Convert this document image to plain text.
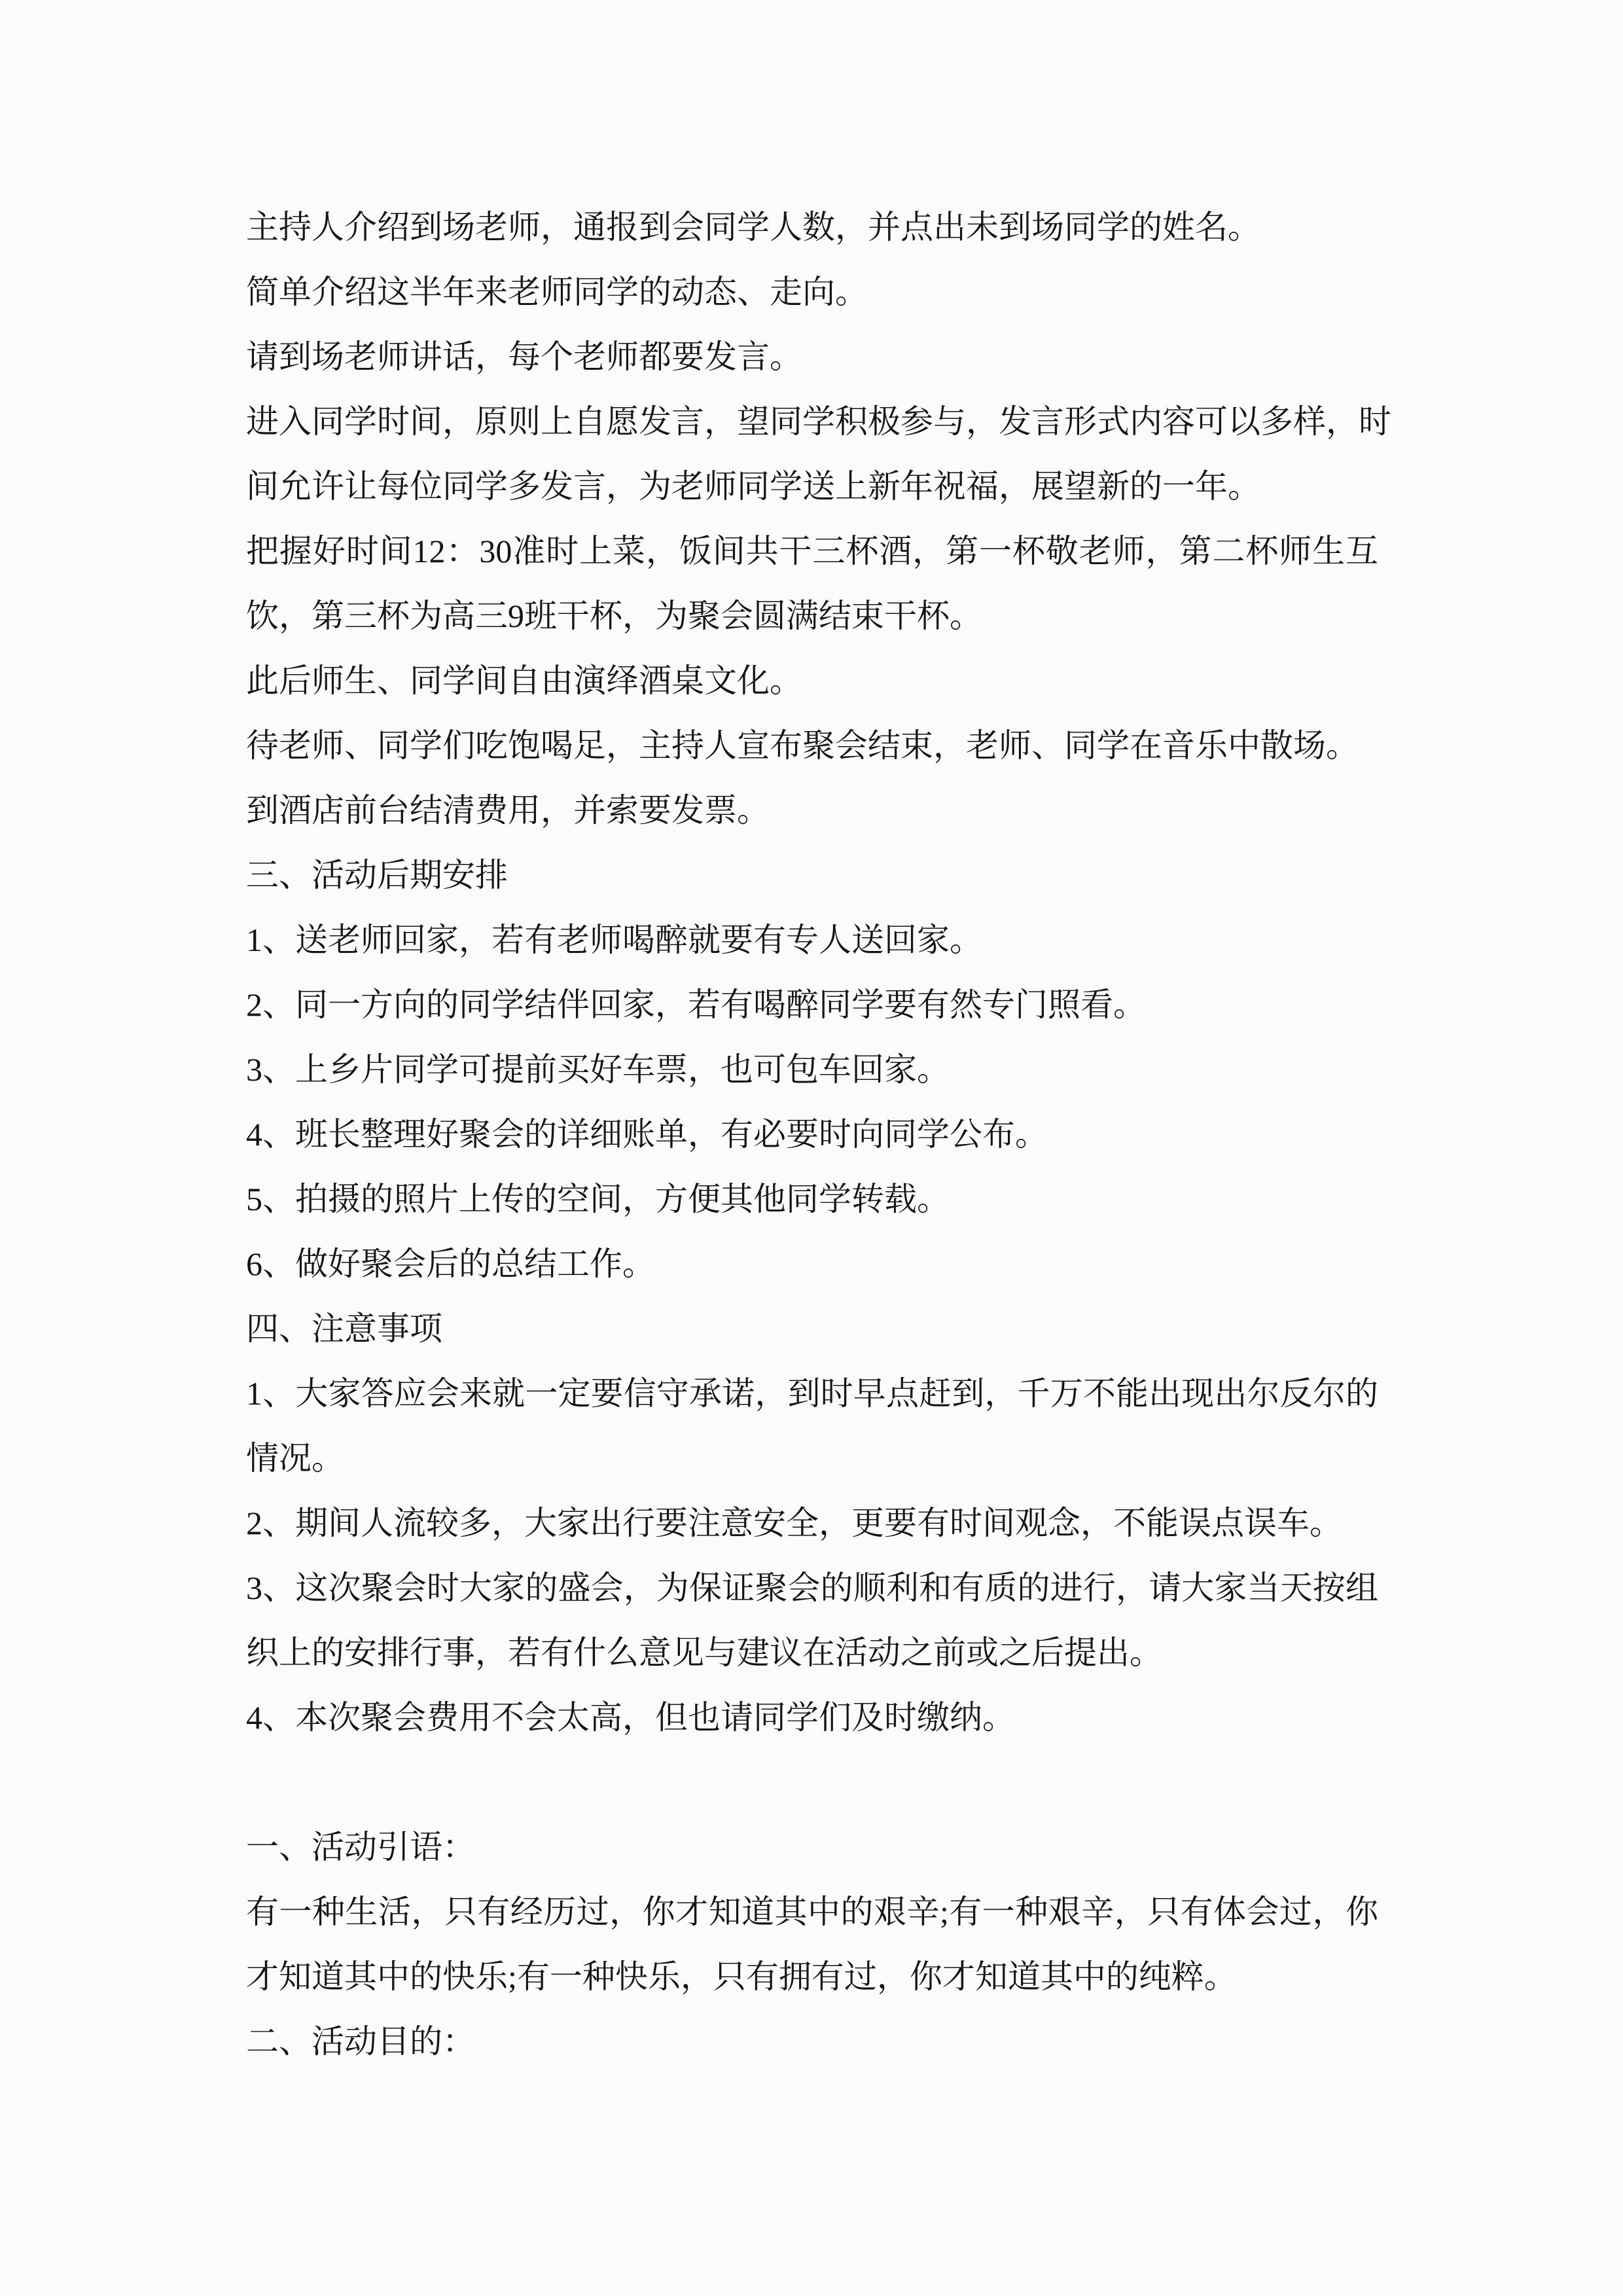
主持人介绍到场老师，通报到会同学人数，并点出未到场同学的姓名。
简单介绍这半年来老师同学的动态、走向。
请到场老师讲话，每个老师都要发言。
进入同学时间，原则上自愿发言，望同学积极参与，发言形式内容可以多样，时
间允许让每位同学多发言，为老师同学送上新年祝福，展望新的一年。
把握好时间12：30准时上菜，饭间共干三杯酒，第一杯敬老师，第二杯师生互
饮，第三杯为高三9班干杯，为聚会圆满结束干杯。
此后师生、同学间自由演绎酒桌文化。
待老师、同学们吃饱喝足，主持人宣布聚会结束，老师、同学在音乐中散场。
到酒店前台结清费用，并索要发票。
三、活动后期安排
1、送老师回家，若有老师喝醉就要有专人送回家。
2、同一方向的同学结伴回家，若有喝醉同学要有然专门照看。
3、上乡片同学可提前买好车票，也可包车回家。
4、班长整理好聚会的详细账单，有必要时向同学公布。
5、拍摄的照片上传的空间，方便其他同学转载。
6、做好聚会后的总结工作。
四、注意事项
1、大家答应会来就一定要信守承诺，到时早点赶到，千万不能出现出尔反尔的
情况。
2、期间人流较多，大家出行要注意安全，更要有时间观念，不能误点误车。
3、这次聚会时大家的盛会，为保证聚会的顺利和有质的进行，请大家当天按组
织上的安排行事，若有什么意见与建议在活动之前或之后提出。
4、本次聚会费用不会太高，但也请同学们及时缴纳。
一、活动引语：
有一种生活，只有经历过，你才知道其中的艰辛;有一种艰辛，只有体会过，你
才知道其中的快乐;有一种快乐，只有拥有过，你才知道其中的纯粹。
二、活动目的：
